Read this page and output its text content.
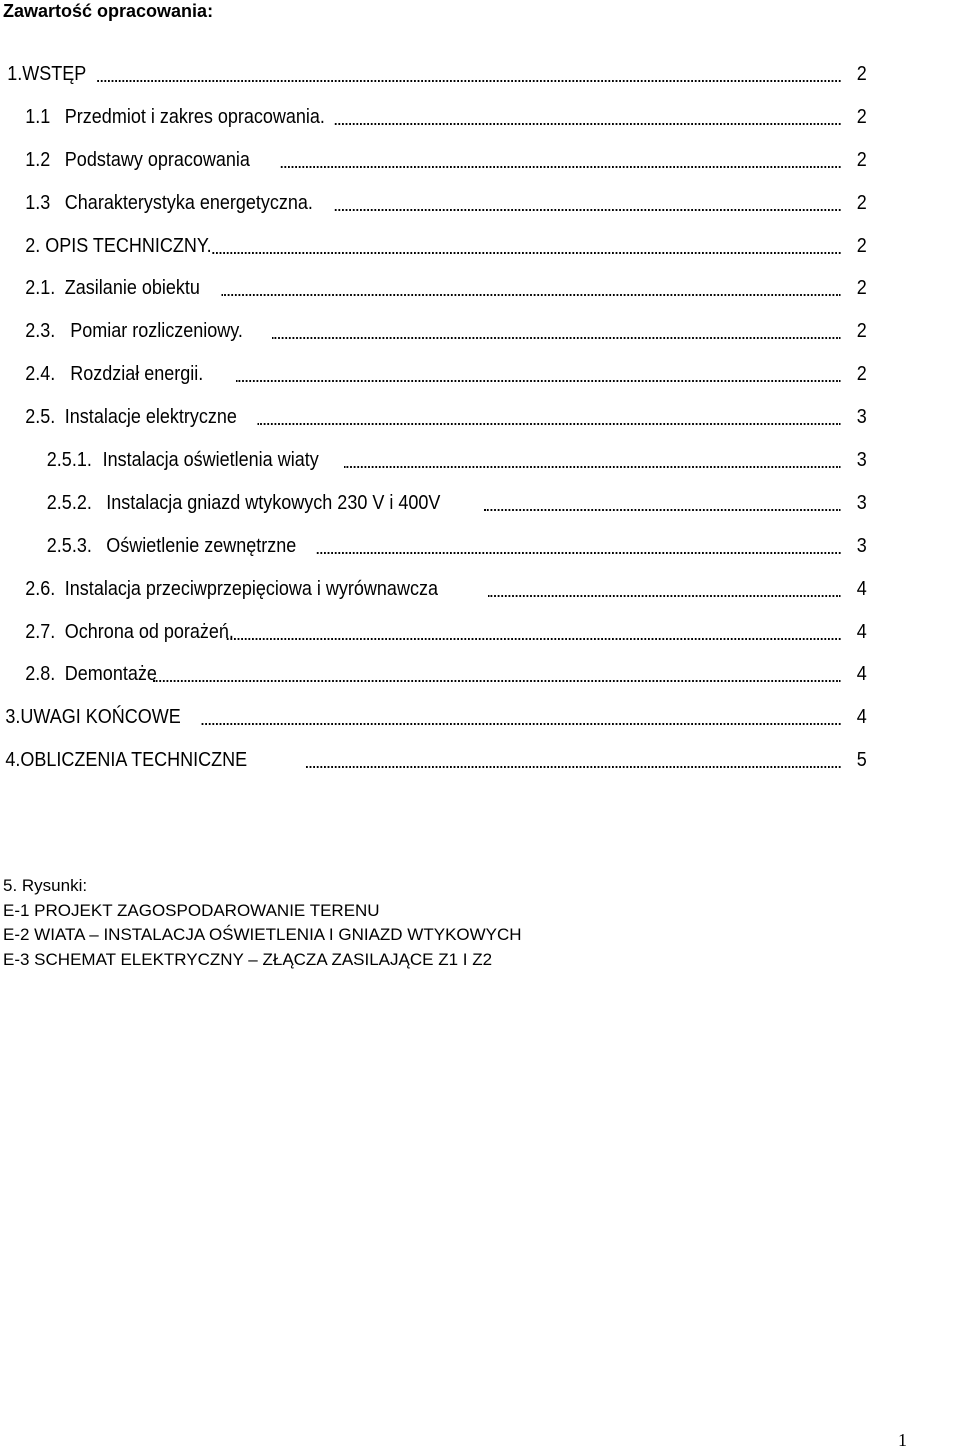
Zawartość opracowania:
1.WSTĘP	2
1.1 Przedmiot i zakres opracowania.	2
1.2 Podstawy opracowania	2
1.3 Charakterystyka energetyczna.	2
2. OPIS TECHNICZNY.	2
2.1. Zasilanie obiektu	2
2.3. Pomiar rozliczeniowy.	2
2.4. Rozdział energii.	2
2.5. Instalacje elektryczne	3
2.5.1. Instalacja oświetlenia wiaty	3
2.5.2. Instalacja gniazd wtykowych 230 V i 400V	3
2.5.3. Oświetlenie zewnętrzne	3
2.6. Instalacja przeciwprzepięciowa i wyrównawcza	4
2.7. Ochrona od porażeń.	4
2.8. Demontaże	4
3.UWAGI KOŃCOWE	4
4.OBLICZENIA TECHNICZNE	5
5. Rysunki:
E-1 PROJEKT ZAGOSPODAROWANIE TERENU
E-2 WIATA – INSTALACJA OŚWIETLENIA I GNIAZD WTYKOWYCH
E-3 SCHEMAT ELEKTRYCZNY – ZŁĄCZA ZASILAJĄCE Z1 I Z2
1
